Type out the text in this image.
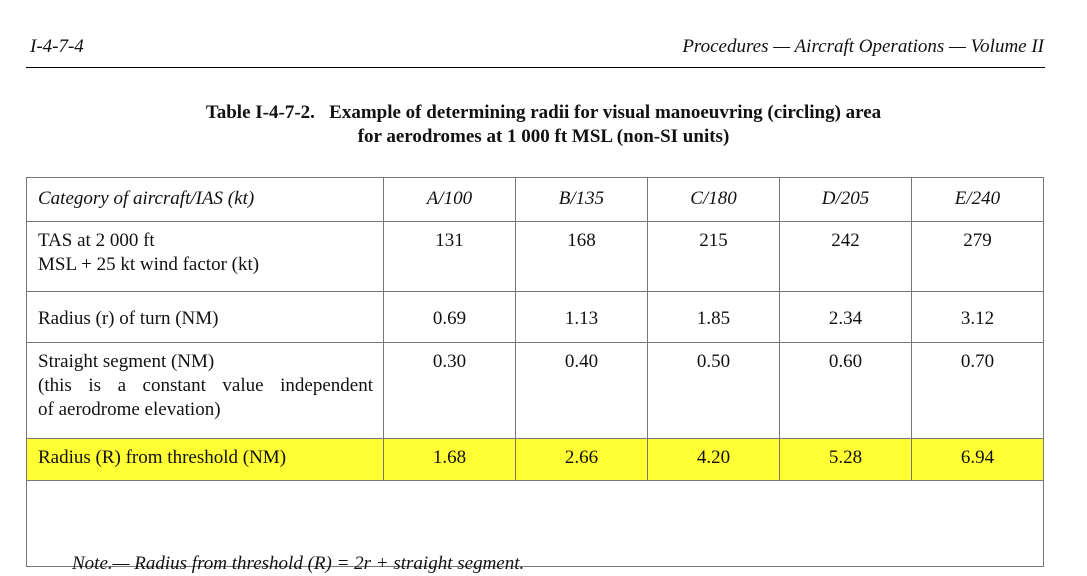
I-4-7-4	Procedures — Aircraft Operations — Volume II
Table I-4-7-2.   Example of determining radii for visual manoeuvring (circling) area
for aerodromes at 1 000 ft MSL (non-SI units)
Category of aircraft/IAS (kt)	A/100	B/135	C/180	D/205	E/240

TAS at 2 000 ft
MSL + 25 kt wind factor (kt)	131	168	215	242	279
Radius (r) of turn (NM)	0.69	1.13	1.85	2.34	3.12

Straight segment (NM)
(this is a constant value independent
of aerodrome elevation)	0.30	0.40	0.50	0.60	0.70
Radius (R) from threshold (NM)	1.68	2.66	4.20	5.28	6.94

Note.— Radius from threshold (R) = 2r + straight segment.					
